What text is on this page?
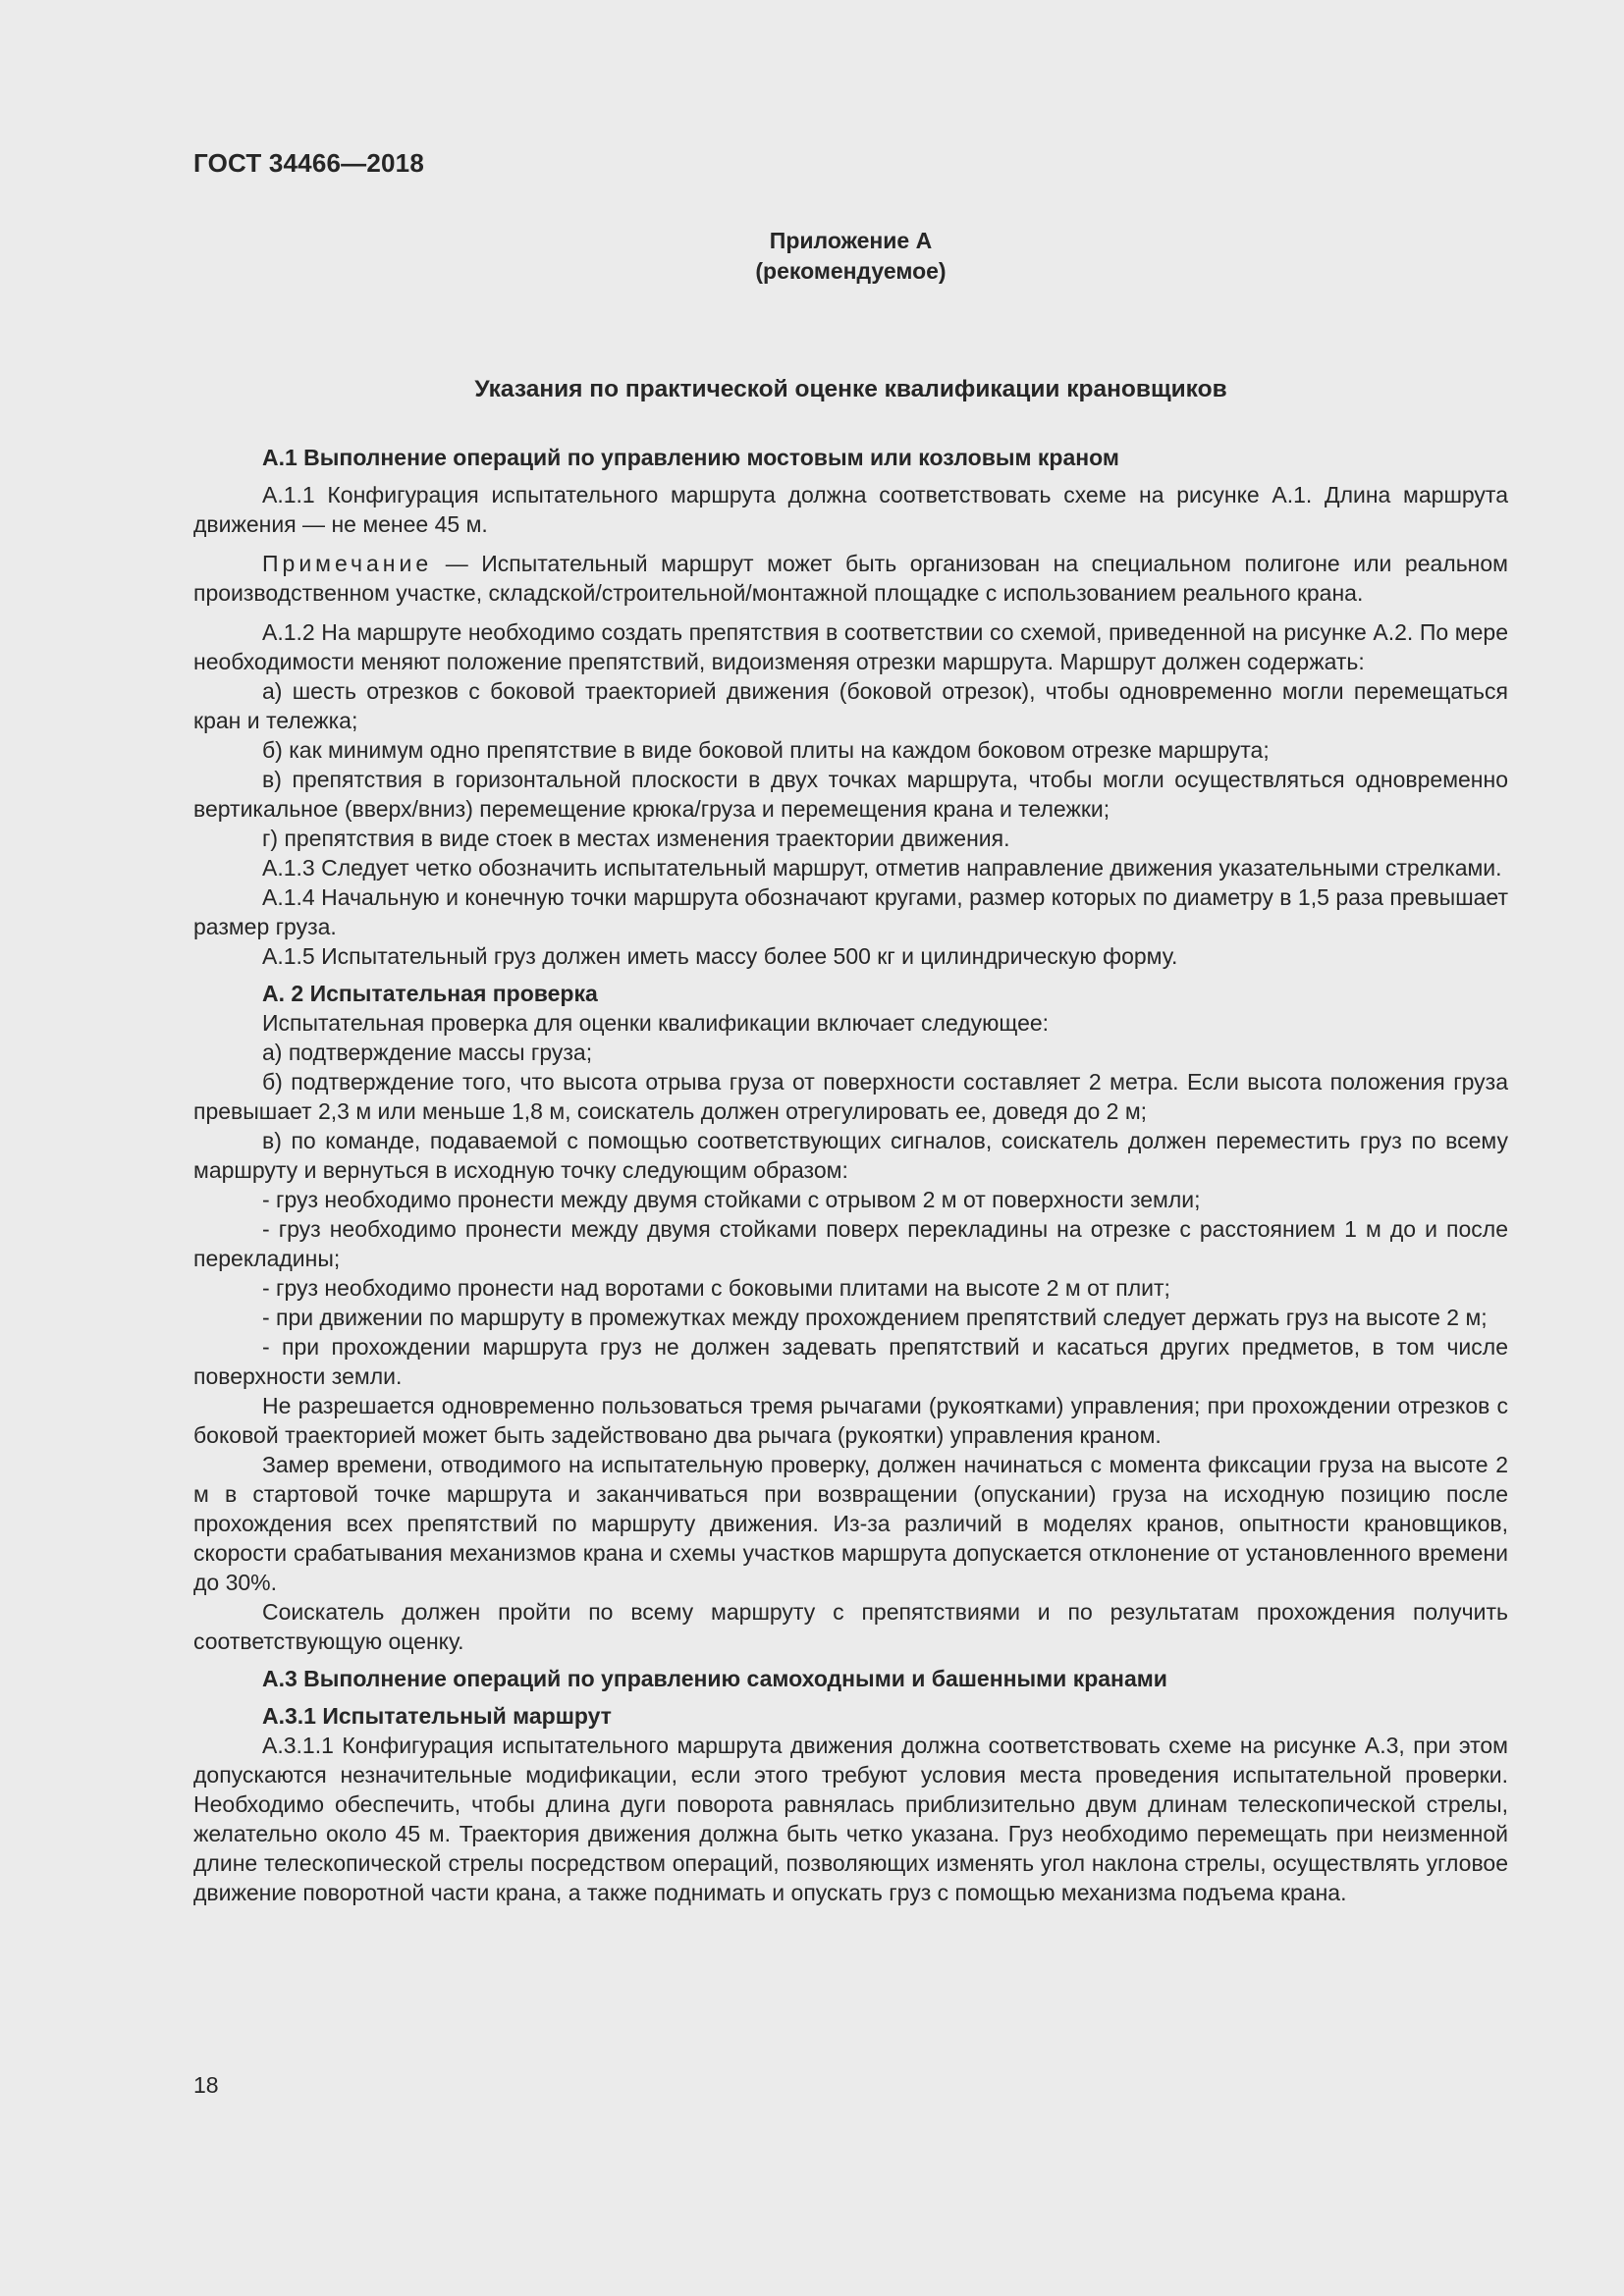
ГОСТ 34466—2018
Приложение А
(рекомендуемое)
Указания по практической оценке квалификации крановщиков

А.1 Выполнение операций по управлению мостовым или козловым краном

А.1.1 Конфигурация испытательного маршрута должна соответствовать схеме на рисунке А.1. Длина маршрута движения — не менее 45 м.

Примечание — Испытательный маршрут может быть организован на специальном полигоне или реальном производственном участке, складской/строительной/монтажной площадке с использованием реального крана.

А.1.2 На маршруте необходимо создать препятствия в соответствии со схемой, приведенной на рисунке А.2. По мере необходимости меняют положение препятствий, видоизменяя отрезки маршрута. Маршрут должен содержать:

а) шесть отрезков с боковой траекторией движения (боковой отрезок), чтобы одновременно могли перемещаться кран и тележка;

б) как минимум одно препятствие в виде боковой плиты на каждом боковом отрезке маршрута;

в) препятствия в горизонтальной плоскости в двух точках маршрута, чтобы могли осуществляться одновременно вертикальное (вверх/вниз) перемещение крюка/груза и перемещения крана и тележки;

г) препятствия в виде стоек в местах изменения траектории движения.

А.1.3 Следует четко обозначить испытательный маршрут, отметив направление движения указательными стрелками.

А.1.4 Начальную и конечную точки маршрута обозначают кругами, размер которых по диаметру в 1,5 раза превышает размер груза.

А.1.5 Испытательный груз должен иметь массу более 500 кг и цилиндрическую форму.

А. 2 Испытательная проверка

Испытательная проверка для оценки квалификации включает следующее:

а) подтверждение массы груза;

б) подтверждение того, что высота отрыва груза от поверхности составляет 2 метра. Если высота положения груза превышает 2,3 м или меньше 1,8 м, соискатель должен отрегулировать ее, доведя до 2 м;

в) по команде, подаваемой с помощью соответствующих сигналов, соискатель должен переместить груз по всему маршруту и вернуться в исходную точку следующим образом:

- груз необходимо пронести между двумя стойками с отрывом 2 м от поверхности земли;

- груз необходимо пронести между двумя стойками поверх перекладины на отрезке с расстоянием 1 м до и после перекладины;

- груз необходимо пронести над воротами с боковыми плитами на высоте 2 м от плит;

- при движении по маршруту в промежутках между прохождением препятствий следует держать груз на высоте 2 м;

- при прохождении маршрута груз не должен задевать препятствий и касаться других предметов, в том числе поверхности земли.

Не разрешается одновременно пользоваться тремя рычагами (рукоятками) управления; при прохождении отрезков с боковой траекторией может быть задействовано два рычага (рукоятки) управления краном.

Замер времени, отводимого на испытательную проверку, должен начинаться с момента фиксации груза на высоте 2 м в стартовой точке маршрута и заканчиваться при возвращении (опускании) груза на исходную позицию после прохождения всех препятствий по маршруту движения. Из-за различий в моделях кранов, опытности крановщиков, скорости срабатывания механизмов крана и схемы участков маршрута допускается отклонение от установленного времени до 30%.

Соискатель должен пройти по всему маршруту с препятствиями и по результатам прохождения получить соответствующую оценку.

А.3 Выполнение операций по управлению самоходными и башенными кранами

А.3.1 Испытательный маршрут

А.3.1.1 Конфигурация испытательного маршрута движения должна соответствовать схеме на рисунке А.3, при этом допускаются незначительные модификации, если этого требуют условия места проведения испытательной проверки. Необходимо обеспечить, чтобы длина дуги поворота равнялась приблизительно двум длинам телескопической стрелы, желательно около 45 м. Траектория движения должна быть четко указана. Груз необходимо перемещать при неизменной длине телескопической стрелы посредством операций, позволяющих изменять угол наклона стрелы, осуществлять угловое движение поворотной части крана, а также поднимать и опускать груз с помощью механизма подъема крана.

18
